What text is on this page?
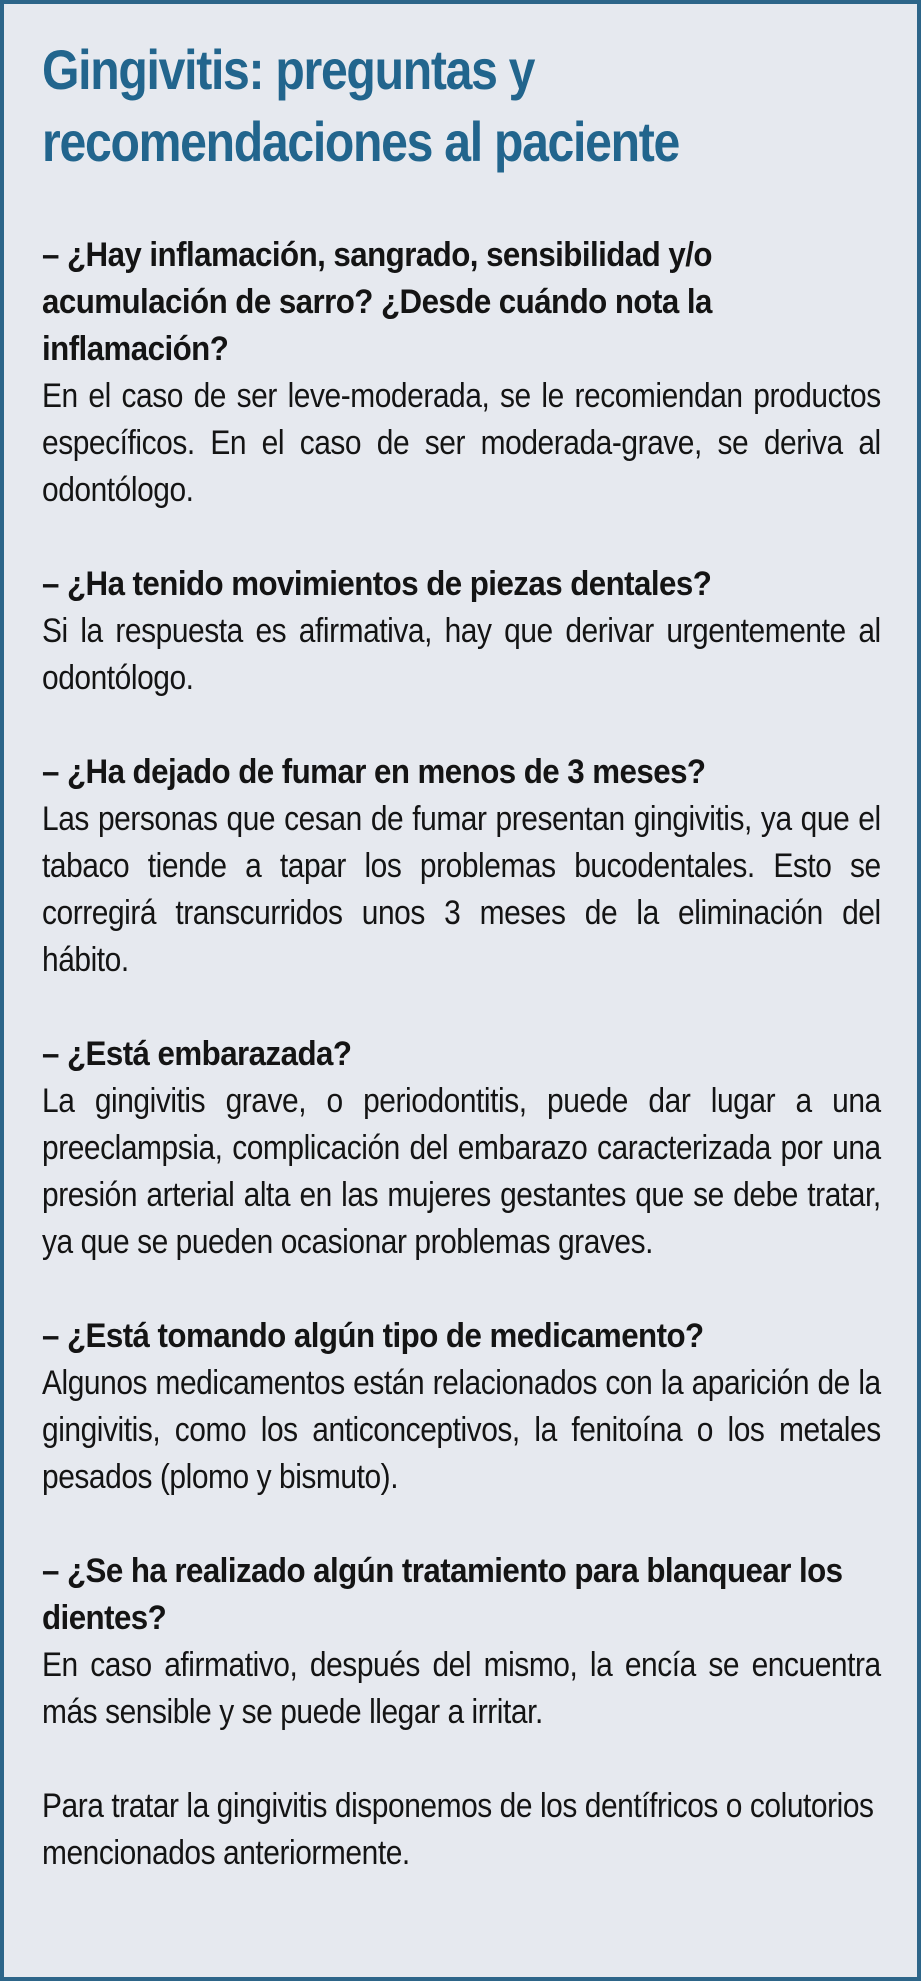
Gingivitis: preguntas y recomendaciones al paciente

– ¿Hay inflamación, sangrado, sensibilidad y/o acumulación de sarro? ¿Desde cuándo nota la inflamación?

En el caso de ser leve-moderada, se le recomiendan productos específicos. En el caso de ser moderada-grave, se deriva al odontólogo.

– ¿Ha tenido movimientos de piezas dentales?

Si la respuesta es afirmativa, hay que derivar urgentemente al odontólogo.

– ¿Ha dejado de fumar en menos de 3 meses?

Las personas que cesan de fumar presentan gingivitis, ya que el tabaco tiende a tapar los problemas bucodentales. Esto se corregirá transcurridos unos 3 meses de la eliminación del hábito.

– ¿Está embarazada?

La gingivitis grave, o periodontitis, puede dar lugar a una preeclampsia, complicación del embarazo caracterizada por una presión arterial alta en las mujeres gestantes que se debe tratar, ya que se pueden ocasionar problemas graves.

– ¿Está tomando algún tipo de medicamento?

Algunos medicamentos están relacionados con la aparición de la gingivitis, como los anticonceptivos, la fenitoína o los metales pesados (plomo y bismuto).

– ¿Se ha realizado algún tratamiento para blanquear los dientes?

En caso afirmativo, después del mismo, la encía se encuentra más sensible y se puede llegar a irritar.

Para tratar la gingivitis disponemos de los dentífricos o colutorios mencionados anteriormente.
